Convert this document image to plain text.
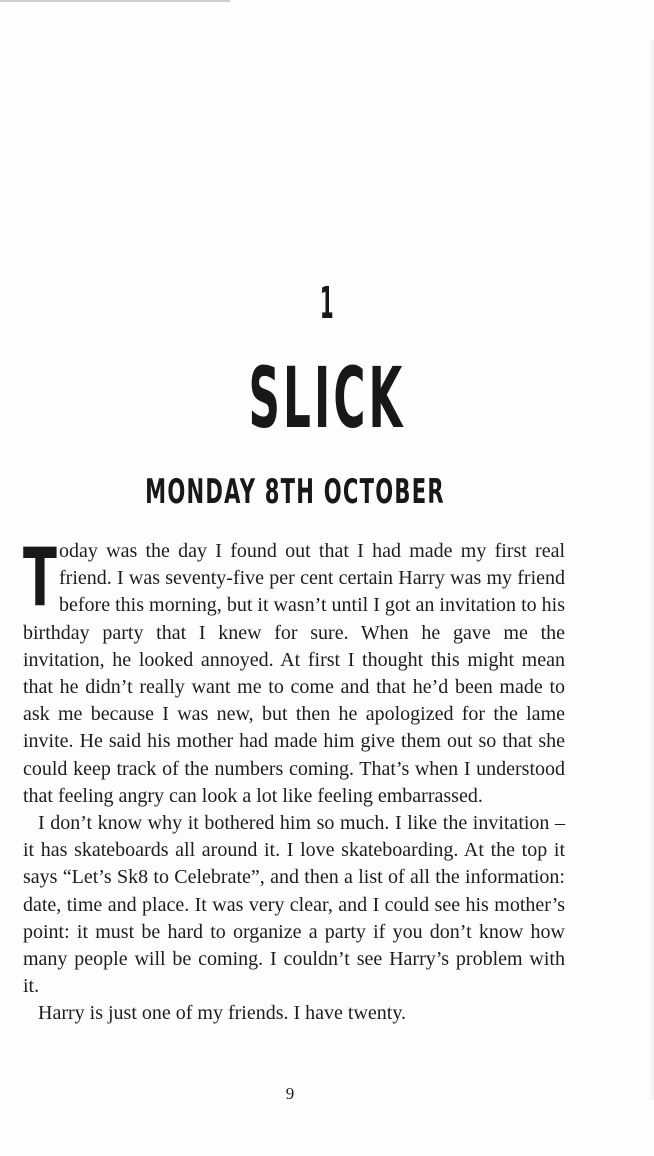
1
SLICK
MONDAY 8TH OCTOBER

Today was the day I found out that I had made my first real friend. I was seventy-five per cent certain Harry was my friend before this morning, but it wasn’t until I got an invitation to his birthday party that I knew for sure. When he gave me the invitation, he looked annoyed. At first I thought this might mean that he didn’t really want me to come and that he’d been made to ask me because I was new, but then he apologized for the lame invite. He said his mother had made him give them out so that she could keep track of the numbers coming. That’s when I understood that feeling angry can look a lot like feeling embarrassed.

I don’t know why it bothered him so much. I like the invitation – it has skateboards all around it. I love skateboarding. At the top it says “Let’s Sk8 to Celebrate”, and then a list of all the information: date, time and place. It was very clear, and I could see his mother’s point: it must be hard to organize a party if you don’t know how many people will be coming. I couldn’t see Harry’s problem with it.

Harry is just one of my friends. I have twenty.

9
